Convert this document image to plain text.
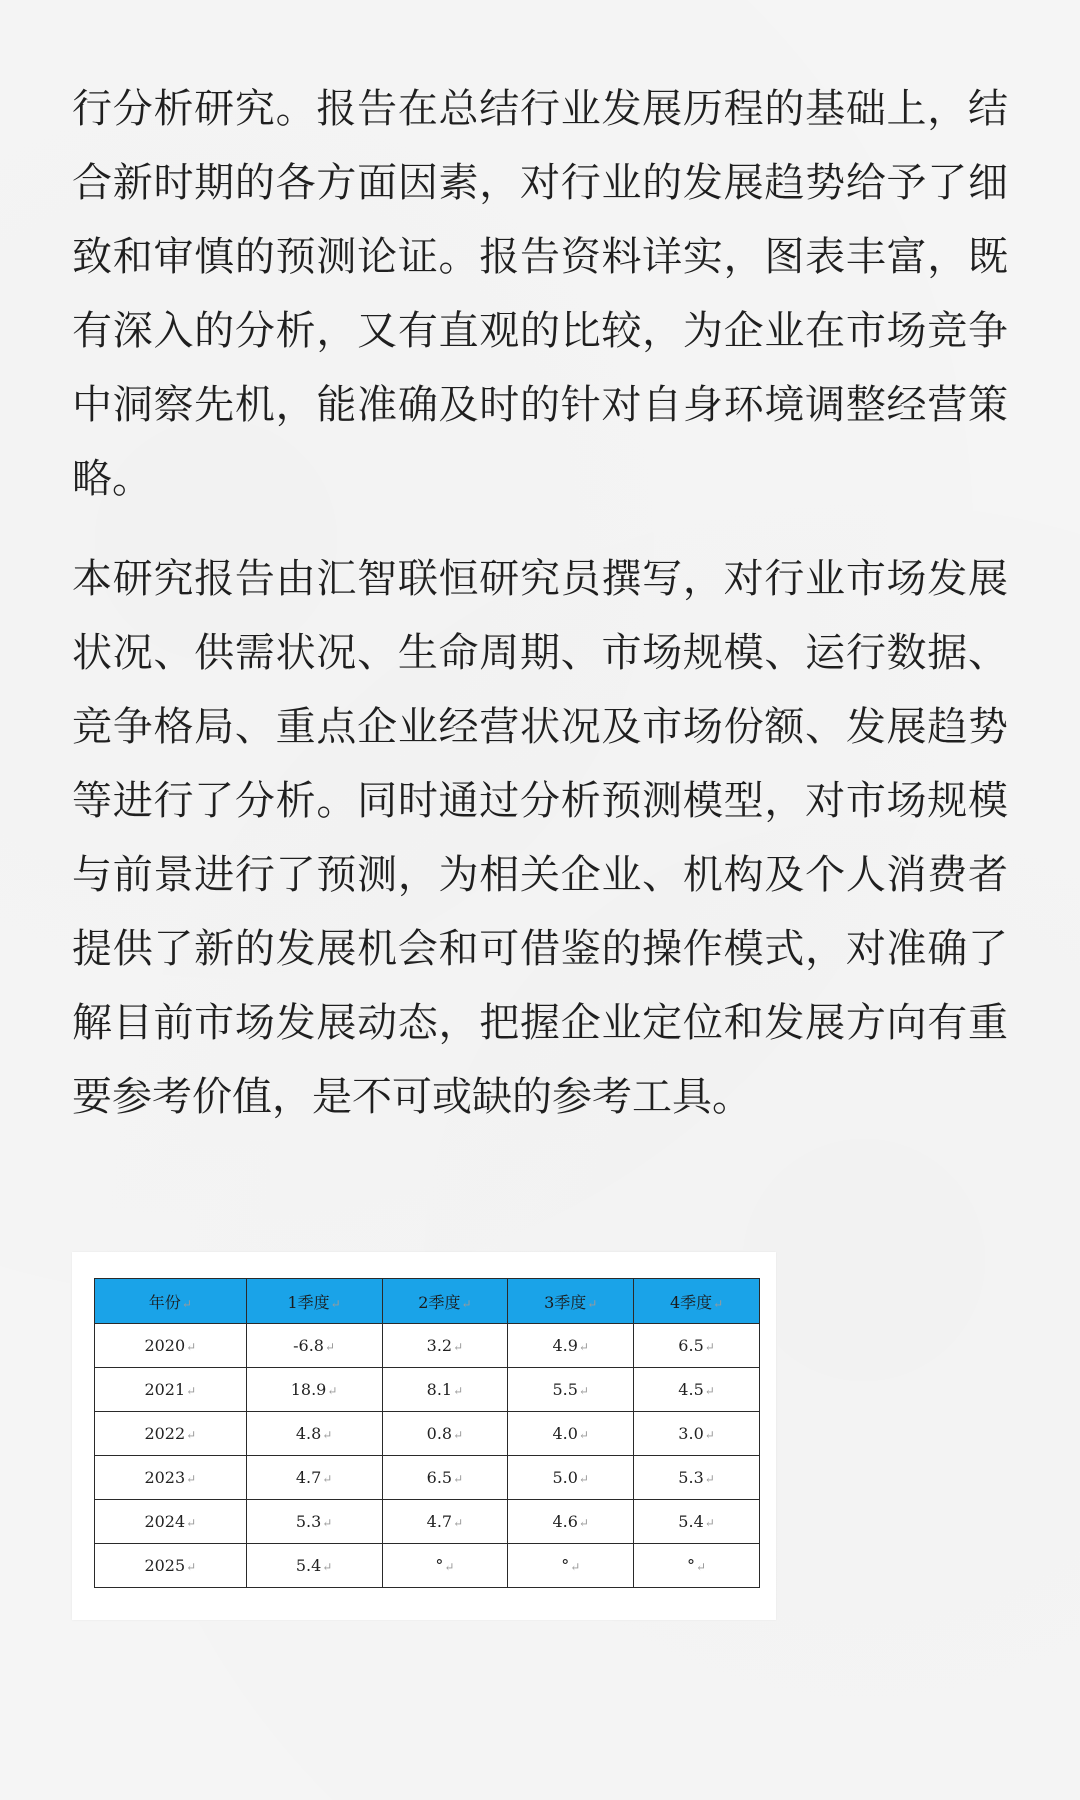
行分析研究。报告在总结行业发展历程的基础上，结合新时期的各方面因素，对行业的发展趋势给予了细致和审慎的预测论证。报告资料详实，图表丰富，既有深入的分析，又有直观的比较，为企业在市场竞争中洞察先机，能准确及时的针对自身环境调整经营策略。
本研究报告由汇智联恒研究员撰写，对行业市场发展状况、供需状况、生命周期、市场规模、运行数据、竞争格局、重点企业经营状况及市场份额、发展趋势等进行了分析。同时通过分析预测模型，对市场规模与前景进行了预测，为相关企业、机构及个人消费者提供了新的发展机会和可借鉴的操作模式，对准确了解目前市场发展动态，把握企业定位和发展方向有重要参考价值，是不可或缺的参考工具。
年份↵	1季度↵	2季度↵	3季度↵	4季度↵
2020↵	-6.8↵	3.2↵	4.9↵	6.5↵
2021↵	18.9↵	8.1↵	5.5↵	4.5↵
2022↵	4.8↵	0.8↵	4.0↵	3.0↵
2023↵	4.7↵	6.5↵	5.0↵	5.3↵
2024↵	5.3↵	4.7↵	4.6↵	5.4↵
2025↵	5.4↵	°↵	°↵	°↵
